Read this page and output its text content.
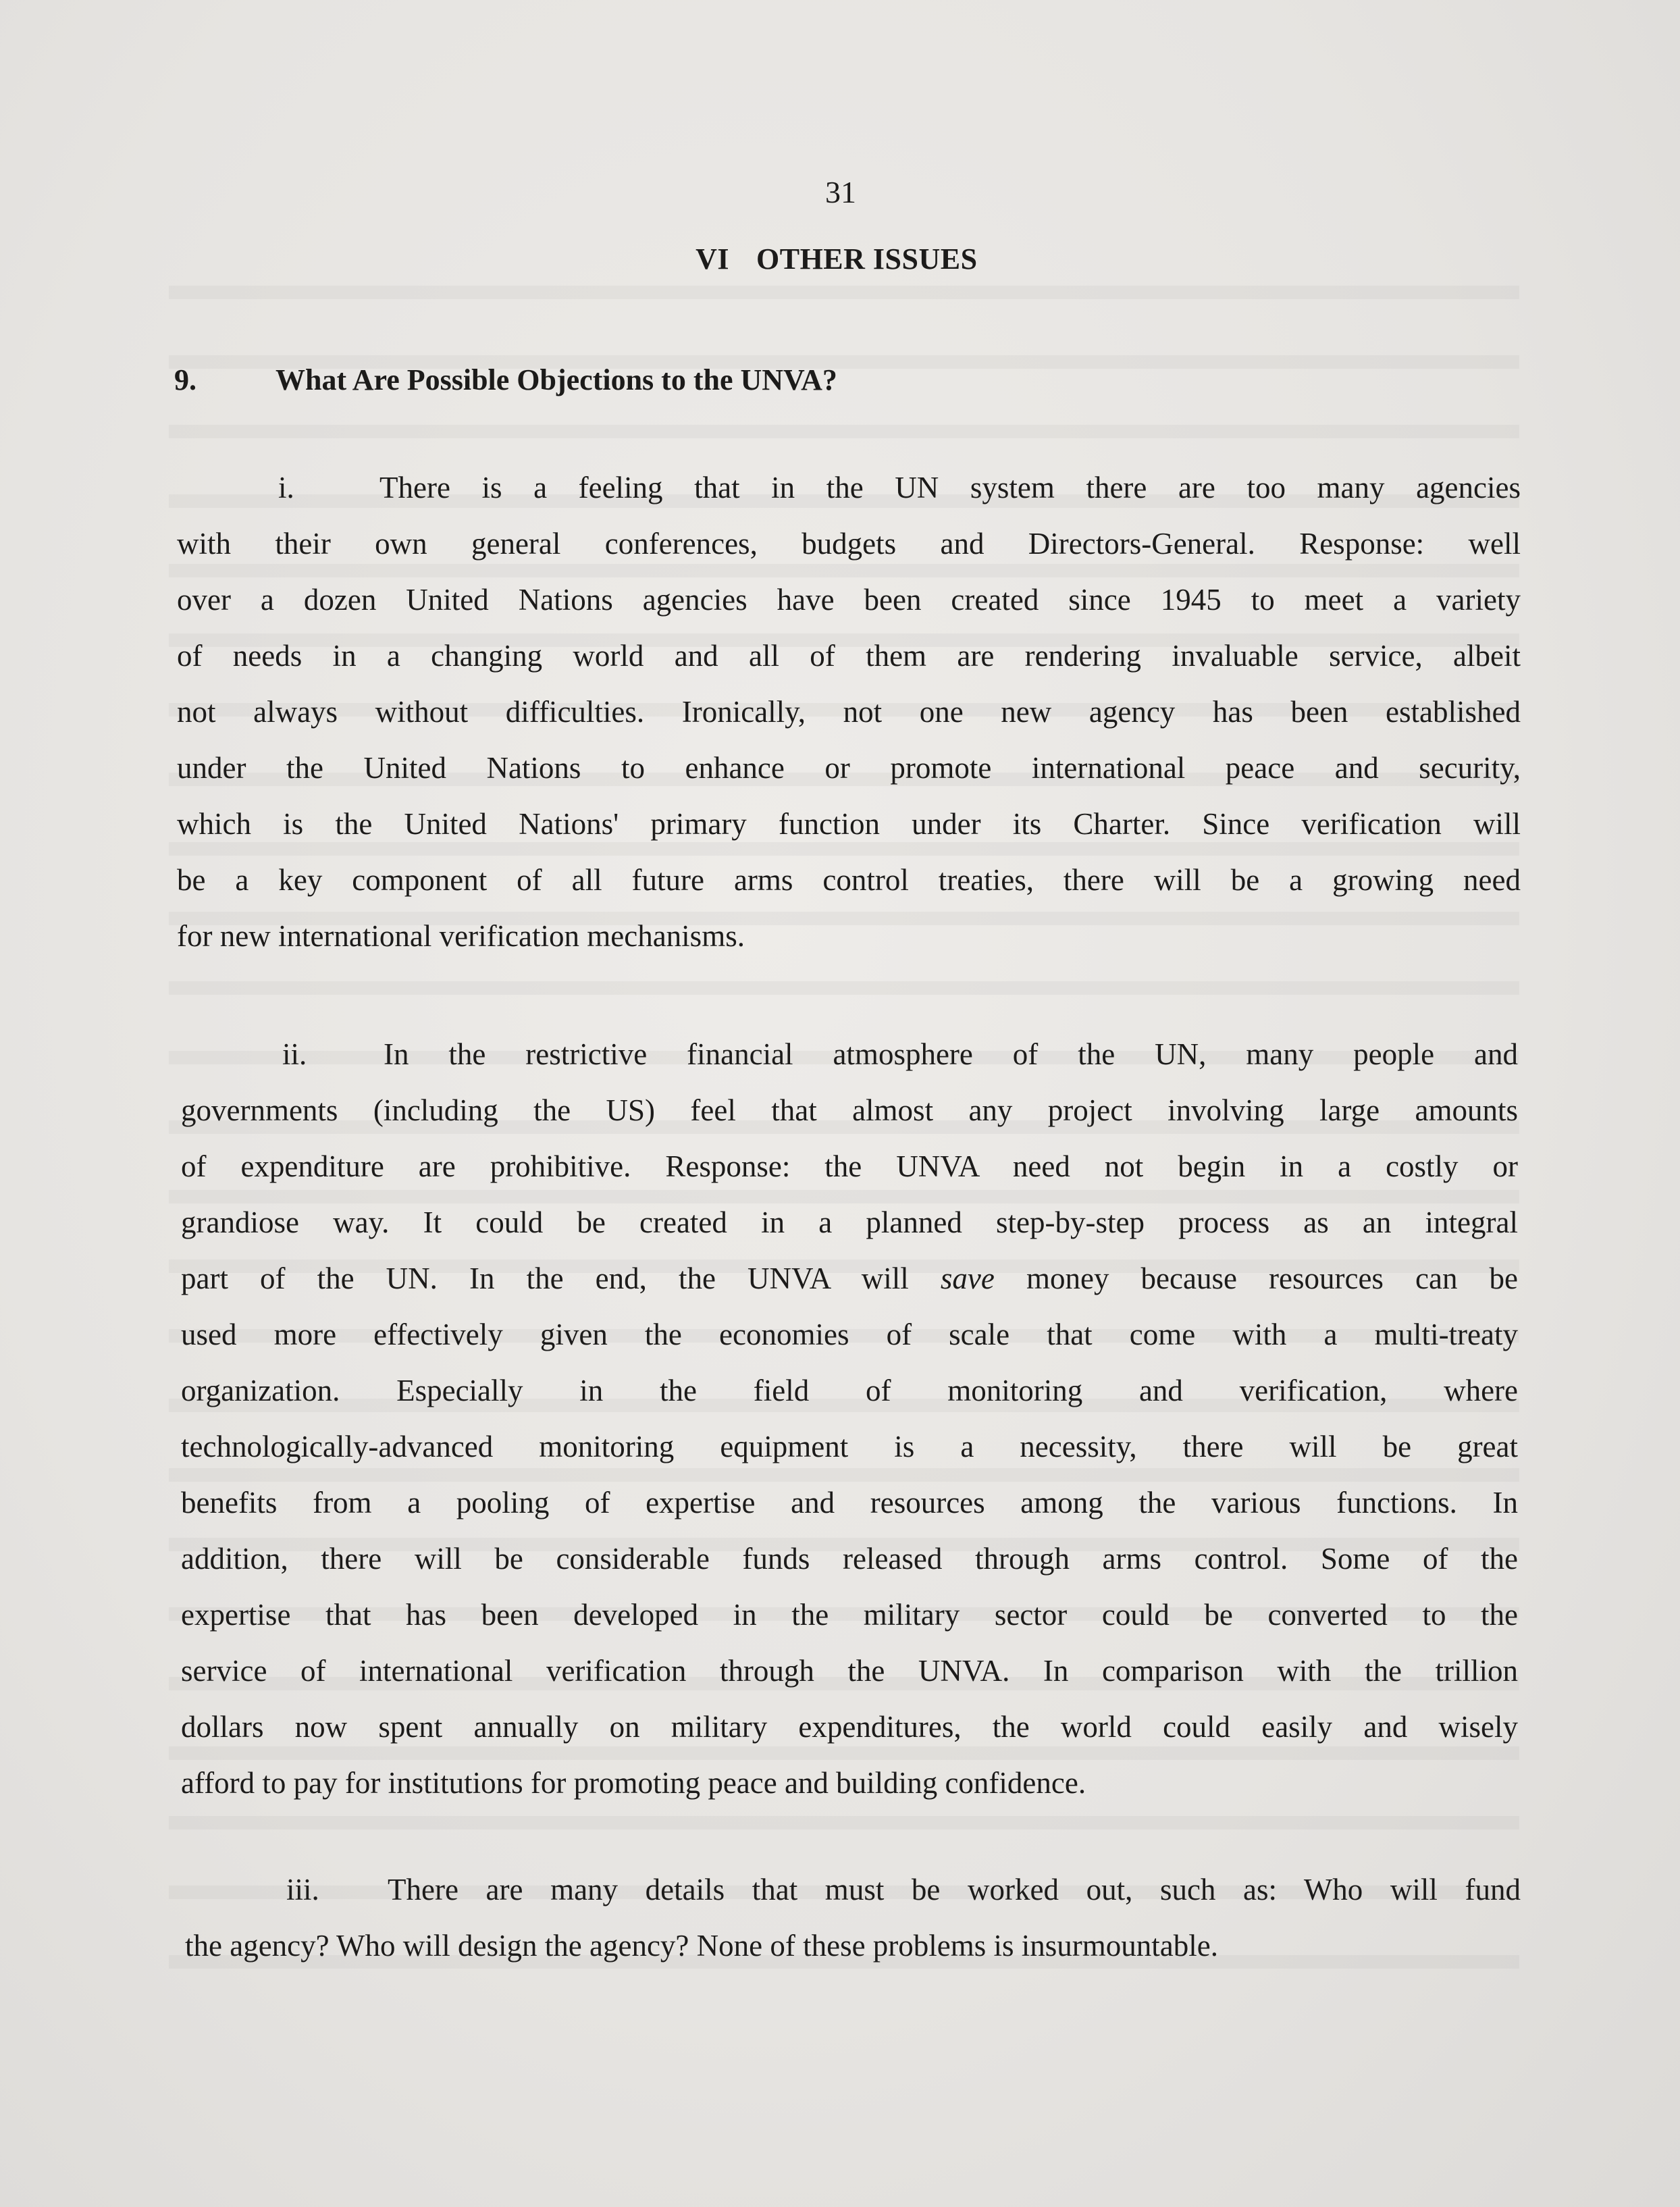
31
VI OTHER ISSUES
9.	What Are Possible Objections to the UNVA?
i.	There is a feeling that in the UN system there are too many agencies
with their own general conferences, budgets and Directors-General. Response: well
over a dozen United Nations agencies have been created since 1945 to meet a variety
of needs in a changing world and all of them are rendering invaluable service, albeit
not always without difficulties. Ironically, not one new agency has been established
under the United Nations to enhance or promote international peace and security,
which is the United Nations' primary function under its Charter. Since verification will
be a key component of all future arms control treaties, there will be a growing need
for new international verification mechanisms.
ii.	In the restrictive financial atmosphere of the UN, many people and
governments (including the US) feel that almost any project involving large amounts
of expenditure are prohibitive. Response: the UNVA need not begin in a costly or
grandiose way. It could be created in a planned step-by-step process as an integral
part of the UN. In the end, the UNVA will save money because resources can be
used more effectively given the economies of scale that come with a multi-treaty
organization. Especially in the field of monitoring and verification, where
technologically-advanced monitoring equipment is a necessity, there will be great
benefits from a pooling of expertise and resources among the various functions. In
addition, there will be considerable funds released through arms control. Some of the
expertise that has been developed in the military sector could be converted to the
service of international verification through the UNVA. In comparison with the trillion
dollars now spent annually on military expenditures, the world could easily and wisely
afford to pay for institutions for promoting peace and building confidence.
iii. There are many details that must be worked out, such as: Who will fund
the agency? Who will design the agency? None of these problems is insurmountable.
